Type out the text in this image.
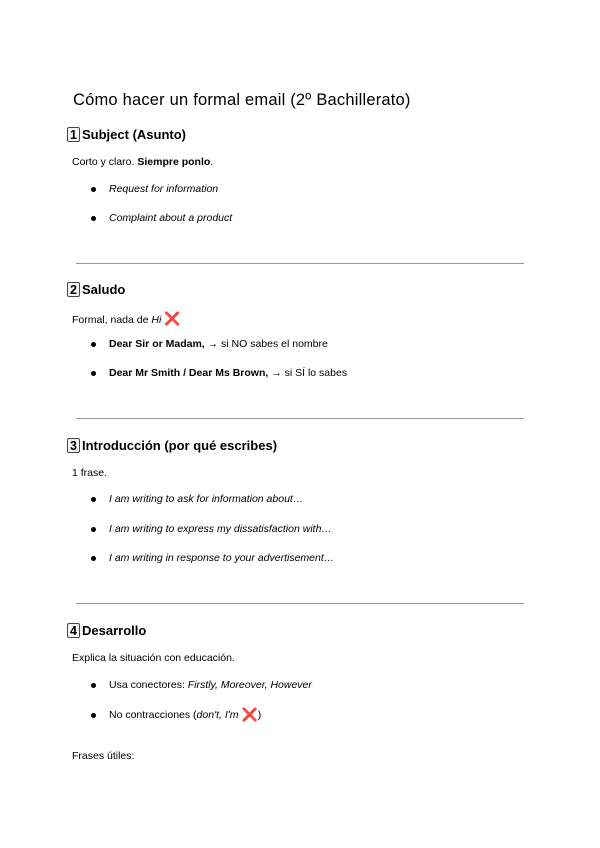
Cómo hacer un formal email (2º Bachillerato)
1 Subject (Asunto)
Corto y claro. Siempre ponlo.
Request for information
Complaint about a product
2 Saludo
Formal, nada de Hi ❌
Dear Sir or Madam, → si NO sabes el nombre
Dear Mr Smith / Dear Ms Brown, → si SÍ lo sabes
3 Introducción (por qué escribes)
1 frase.
I am writing to ask for information about…
I am writing to express my dissatisfaction with…
I am writing in response to your advertisement…
4 Desarrollo
Explica la situación con educación.
Usa conectores: Firstly, Moreover, However
No contracciones ( don't, I'm ❌ )
Frases útiles:
